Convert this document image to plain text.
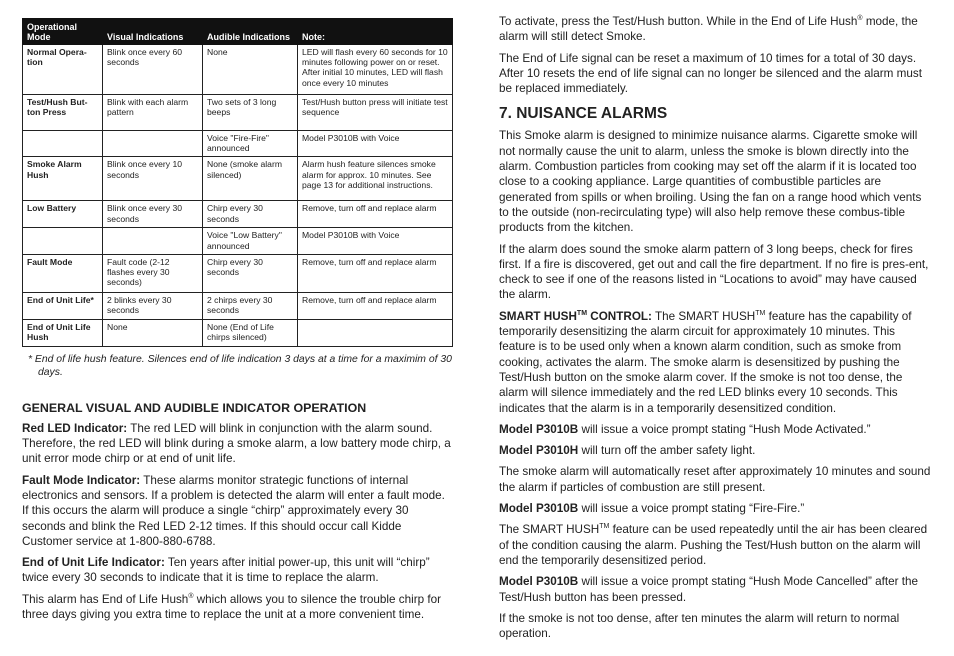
Operational Mode	Visual Indications	Audible Indications	Note:
Normal Opera-tion	Blink once every 60 seconds	None	LED will flash every 60 seconds for 10 minutes following power on or reset. After initial 10 minutes, LED will flash once every 10 minutes
Test/Hush But-ton Press	Blink with each alarm pattern	Two sets of 3 long beeps	Test/Hush button press will initiate test sequence
		Voice "Fire-Fire" announced	Model P3010B with Voice
Smoke Alarm Hush	Blink once every 10 seconds	None (smoke alarm silenced)	Alarm hush feature silences smoke alarm for approx. 10 minutes. See page 13 for additional instructions.
Low Battery	Blink once every 30 seconds	Chirp every 30 seconds	Remove, turn off and replace alarm
		Voice "Low Battery" announced	Model P3010B with Voice
Fault Mode	Fault code (2-12 flashes every 30 seconds)	Chirp every 30 seconds	Remove, turn off and replace alarm
End of Unit Life*	2 blinks every 30 seconds	2 chirps every 30 seconds	Remove, turn off and replace alarm
End of Unit Life Hush	None	None (End of Life chirps silenced)	

* End of life hush feature. Silences end of life indication 3 days at a time for a maximim of 30 days.

GENERAL VISUAL AND AUDIBLE INDICATOR OPERATION

Red LED Indicator: The red LED will blink in conjunction with the alarm sound. Therefore, the red LED will blink during a smoke alarm, a low battery mode chirp, a unit error mode chirp or at end of unit life.

Fault Mode Indicator: These alarms monitor strategic functions of internal electronics and sensors. If a problem is detected the alarm will enter a fault mode. If this occurs the alarm will produce a single “chirp” approximately every 30 seconds and blink the Red LED 2-12 times. If this should occur call Kidde Customer service at 1-800-880-6788.

End of Unit Life Indicator: Ten years after initial power-up, this unit will “chirp” twice every 30 seconds to indicate that it is time to replace the alarm.

This alarm has End of Life Hush® which allows you to silence the trouble chirp for three days giving you extra time to replace the unit at a more convenient time.

To activate, press the Test/Hush button. While in the End of Life Hush® mode, the alarm will still detect Smoke.

The End of Life signal can be reset a maximum of 10 times for a total of 30 days. After 10 resets the end of life signal can no longer be silenced and the alarm must be replaced immediately.

7. NUISANCE ALARMS

This Smoke alarm is designed to minimize nuisance alarms. Cigarette smoke will not normally cause the unit to alarm, unless the smoke is blown directly into the alarm. Combustion particles from cooking may set off the alarm if it is located too close to a cooking appliance. Large quantities of combustible particles are generated from spills or when broiling. Using the fan on a range hood which vents to the outside (non-recirculating type) will also help remove these combus-tible products from the kitchen.

If the alarm does sound the smoke alarm pattern of 3 long beeps, check for fires first. If a fire is discovered, get out and call the fire department. If no fire is pres-ent, check to see if one of the reasons listed in “Locations to avoid” may have caused the alarm.

SMART HUSH™ CONTROL: The SMART HUSH™ feature has the capability of temporarily desensitizing the alarm circuit for approximately 10 minutes. This feature is to be used only when a known alarm condition, such as smoke from cooking, activates the alarm. The smoke alarm is desensitized by pushing the Test/Hush button on the smoke alarm cover. If the smoke is not too dense, the alarm will silence immediately and the red LED blinks every 10 seconds. This indicates that the alarm is in a temporarily desensitized condition.

Model P3010B will issue a voice prompt stating “Hush Mode Activated.”

Model P3010H will turn off the amber safety light.

The smoke alarm will automatically reset after approximately 10 minutes and sound the alarm if particles of combustion are still present.

Model P3010B will issue a voice prompt stating “Fire-Fire.”

The SMART HUSH™ feature can be used repeatedly until the air has been cleared of the condition causing the alarm. Pushing the Test/Hush button on the alarm will end the temporarily desensitized period.

Model P3010B will issue a voice prompt stating “Hush Mode Cancelled” after the Test/Hush button has been pressed.

If the smoke is not too dense, after ten minutes the alarm will return to normal operation.
